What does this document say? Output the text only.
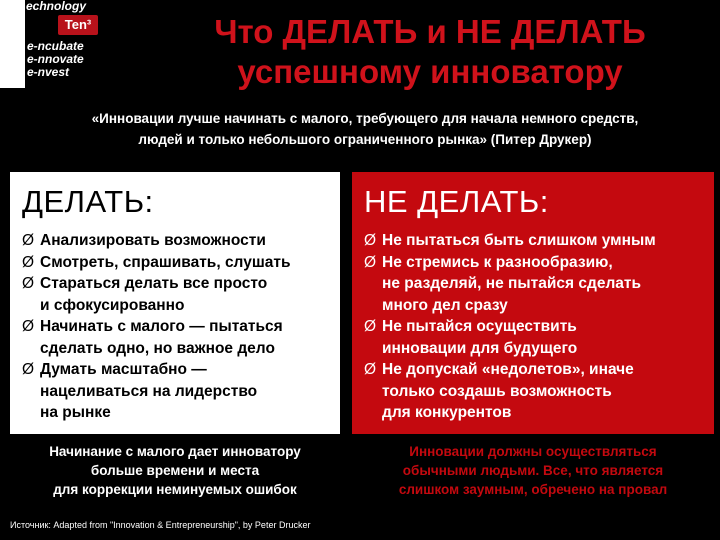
echnology
Ten³
e-ncubate
e-nnovate
e-nvest
Что ДЕЛАТЬ и НЕ ДЕЛАТЬ
успешному инноватору
«Инновации лучше начинать с малого, требующего для начала немного средств,
людей и только небольшого ограниченного рынка» (Питер Друкер)
ДЕЛАТЬ:
Ø Анализировать возможности
Ø Смотреть, спрашивать, слушать
Ø Стараться делать все просто
и сфокусированно
Ø Начинать с малого — пытаться
сделать одно, но важное дело
Ø Думать масштабно —
нацеливаться на лидерство
на рынке
НЕ ДЕЛАТЬ:
Ø Не пытаться быть слишком умным
Ø Не стремись к разнообразию,
не разделяй, не пытайся сделать
много дел сразу
Ø Не пытайся осуществить
инновации для будущего
Ø Не допускай «недолетов», иначе
только создашь возможность
для конкурентов
Начинание с малого дает инноватору
больше времени и места
для коррекции неминуемых ошибок
Инновации должны осуществляться
обычными людьми. Все, что является
слишком заумным, обречено на провал
Источник: Adapted from "Innovation & Entrepreneurship", by Peter Drucker
